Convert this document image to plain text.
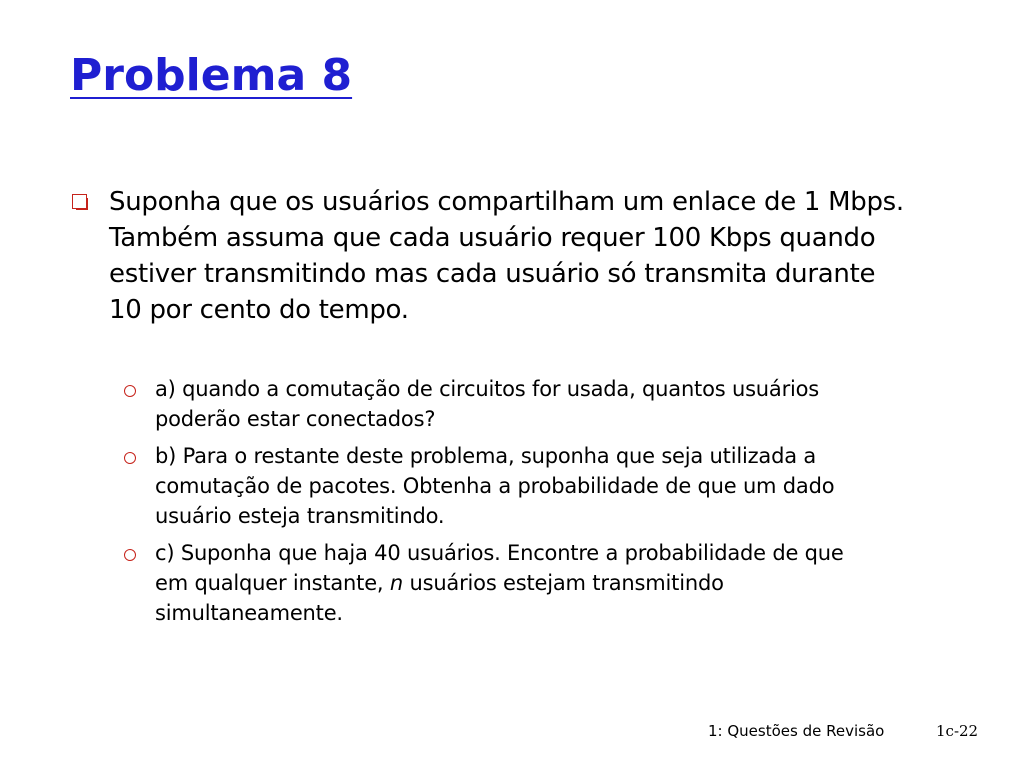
Problema 8
Suponha que os usuários compartilham um enlace de 1 Mbps. Também assuma que cada usuário requer 100 Kbps quando estiver transmitindo mas cada usuário só transmita durante 10 por cento do tempo.
a) quando a comutação de circuitos for usada, quantos usuários poderão estar conectados?
b) Para o restante deste problema, suponha que seja utilizada a comutação de pacotes. Obtenha a probabilidade de que um dado usuário esteja transmitindo.
c) Suponha que haja 40 usuários. Encontre a probabilidade de que em qualquer instante, n usuários estejam transmitindo simultaneamente.
1: Questões de Revisão	1c-22
